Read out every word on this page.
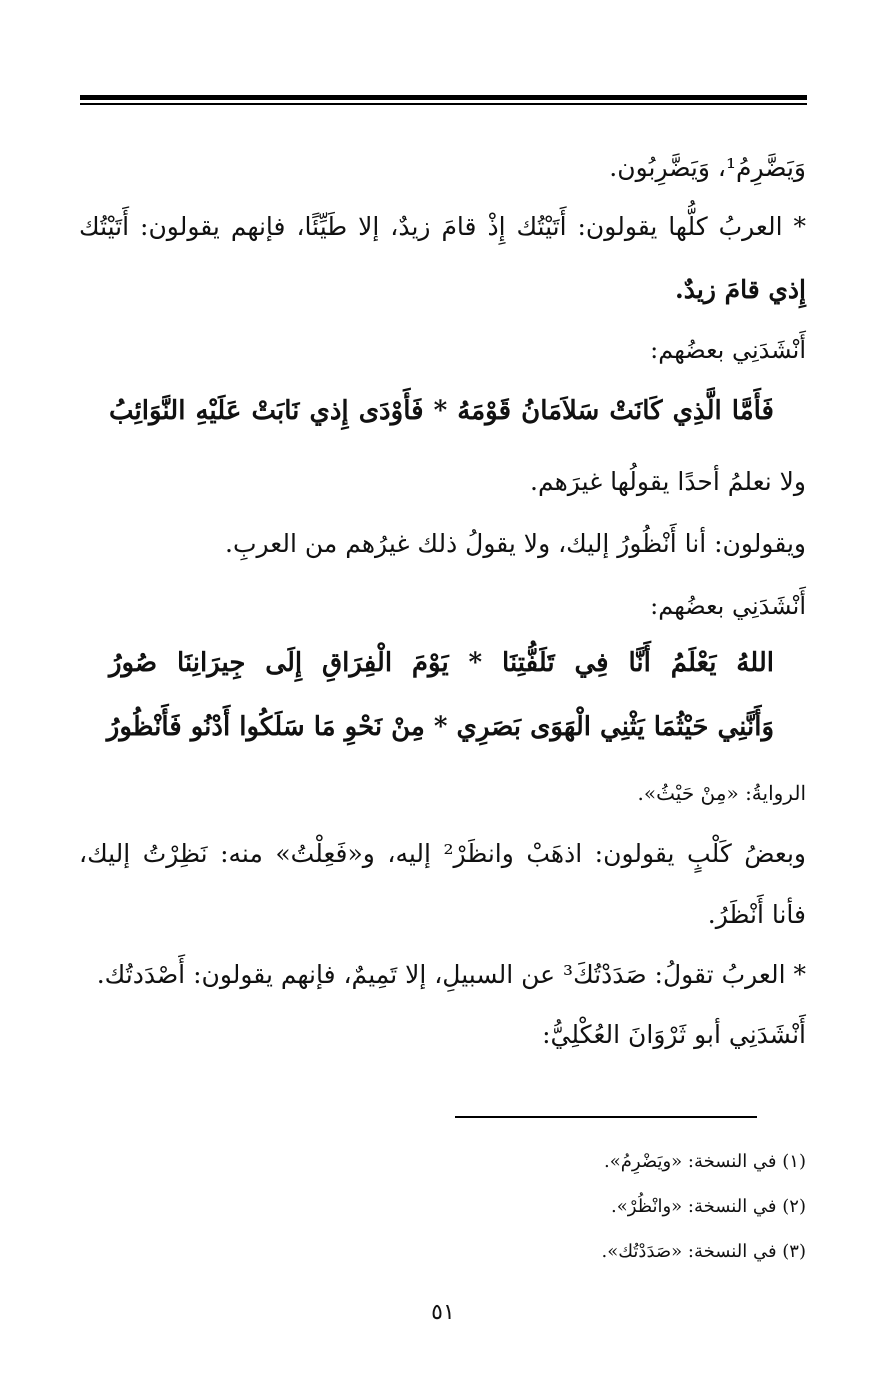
وَيَضَّرِمُ¹، وَيَضَّرِبُون.
* العربُ كلُّها يقولون: أَتَيْتُك إِذْ قامَ زيدٌ، إلا طَيِّئًا، فإنهم يقولون: أَتَيْتُك
إِذي قامَ زيدٌ.
أَنْشَدَنِي بعضُهم:
فَأَمَّا الَّذِي كَانَتْ سَلاَمَانُ قَوْمَهُ * فَأَوْدَى إِذي نَابَتْ عَلَيْهِ النَّوَائِبُ
ولا نعلمُ أحدًا يقولُها غيرَهم.
ويقولون: أنا أَنْظُورُ إليك، ولا يقولُ ذلك غيرُهم من العربِ.
أَنْشَدَنِي بعضُهم:
اللهُ يَعْلَمُ أَنَّا فِي تَلَفُّتِنَا * يَوْمَ الْفِرَاقِ إِلَى جِيرَانِنَا صُورُ
وَأَنَّنِي حَيْثُمَا يَثْنِي الْهَوَى بَصَرِي * مِنْ نَحْوِ مَا سَلَكُوا أَدْنُو فَأَنْظُورُ
الروايةُ: «مِنْ حَيْثُ».
وبعضُ كَلْبٍ يقولون: اذهَبْ وانظَرْ² إليه، و«فَعِلْتُ» منه: نَظِرْتُ إليك،
فأنا أَنْظَرُ.
* العربُ تقولُ: صَدَدْتُكَ³ عن السبيلِ، إلا تَمِيمٌ، فإنهم يقولون: أَصْدَدتُك.
أَنْشَدَنِي أبو ثَرْوَانَ العُكْلِيُّ:
(١) في النسخة: «ويَضْرِمُ».
(٢) في النسخة: «وانْظُرْ».
(٣) في النسخة: «صَدَدْتُك».
٥١
